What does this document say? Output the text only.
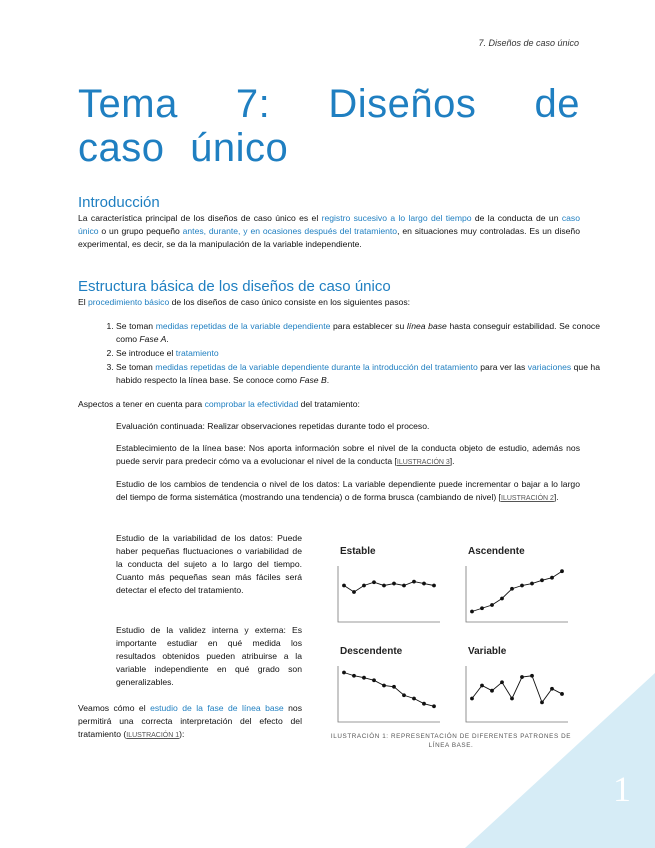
1
7. Diseños de caso único
Tema 7: Diseños de caso único
Introducción

La característica principal de los diseños de caso único es el registro sucesivo a lo largo del tiempo de la conducta de un caso único o un grupo pequeño antes, durante, y en ocasiones después del tratamiento, en situaciones muy controladas. Es un diseño experimental, es decir, se da la manipulación de la variable independiente.

Estructura básica de los diseños de caso único

El procedimiento básico de los diseños de caso único consiste en los siguientes pasos:

1. Se toman medidas repetidas de la variable dependiente para establecer su línea base hasta conseguir estabilidad. Se conoce como Fase A.
2. Se introduce el tratamiento
3. Se toman medidas repetidas de la variable dependiente durante la introducción del tratamiento para ver las variaciones que ha habido respecto la línea base. Se conoce como Fase B.

Aspectos a tener en cuenta para comprobar la efectividad del tratamiento:

Evaluación continuada: Realizar observaciones repetidas durante todo el proceso.

Establecimiento de la línea base: Nos aporta información sobre el nivel de la conducta objeto de estudio, además nos puede servir para predecir cómo va a evolucionar el nivel de la conducta [ILUSTRACIÓN 3].

Estudio de los cambios de tendencia o nivel de los datos: La variable dependiente puede incrementar o bajar a lo largo del tiempo de forma sistemática (mostrando una tendencia) o de forma brusca (cambiando de nivel) [ILUSTRACIÓN 2].

Estudio de la variabilidad de los datos: Puede haber pequeñas fluctuaciones o variabilidad de la conducta del sujeto a lo largo del tiempo. Cuanto más pequeñas sean más fáciles será detectar el efecto del tratamiento.

Estudio de la validez interna y externa: Es importante estudiar en qué medida los resultados obtenidos pueden atribuirse a la variable independiente en qué grado son generalizables.

Veamos cómo el estudio de la fase de línea base nos permitirá una correcta interpretación del efecto del tratamiento (ILUSTRACIÓN 1):

Estable	Ascendente
Descendente	Variable

ILUSTRACIÓN 1: REPRESENTACIÓN DE DIFERENTES PATRONES DE LÍNEA BASE.
